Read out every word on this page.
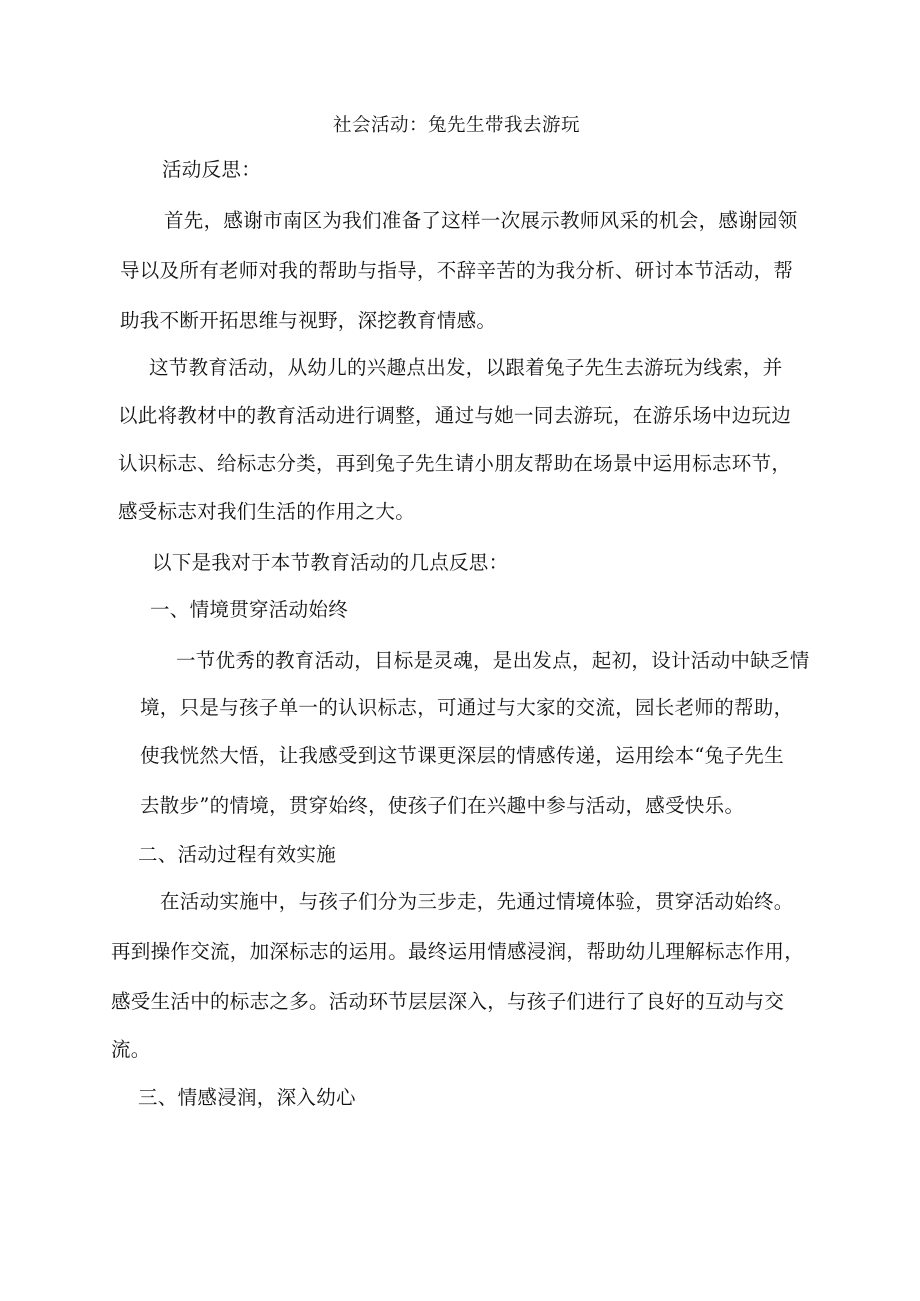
社会活动：兔先生带我去游玩
活动反思：
首先，感谢市南区为我们准备了这样一次展示教师风采的机会，感谢园领
导以及所有老师对我的帮助与指导，不辞辛苦的为我分析、研讨本节活动，帮
助我不断开拓思维与视野，深挖教育情感。
这节教育活动，从幼儿的兴趣点出发，以跟着兔子先生去游玩为线索，并
以此将教材中的教育活动进行调整，通过与她一同去游玩，在游乐场中边玩边
认识标志、给标志分类，再到兔子先生请小朋友帮助在场景中运用标志环节，
感受标志对我们生活的作用之大。
以下是我对于本节教育活动的几点反思：
一、情境贯穿活动始终
一节优秀的教育活动，目标是灵魂，是出发点，起初，设计活动中缺乏情
境，只是与孩子单一的认识标志，可通过与大家的交流，园长老师的帮助，
使我恍然大悟，让我感受到这节课更深层的情感传递，运用绘本“兔子先生
去散步”的情境，贯穿始终，使孩子们在兴趣中参与活动，感受快乐。
二、活动过程有效实施
在活动实施中，与孩子们分为三步走，先通过情境体验，贯穿活动始终。
再到操作交流，加深标志的运用。最终运用情感浸润，帮助幼儿理解标志作用，
感受生活中的标志之多。活动环节层层深入，与孩子们进行了良好的互动与交
流。
三、情感浸润，深入幼心
